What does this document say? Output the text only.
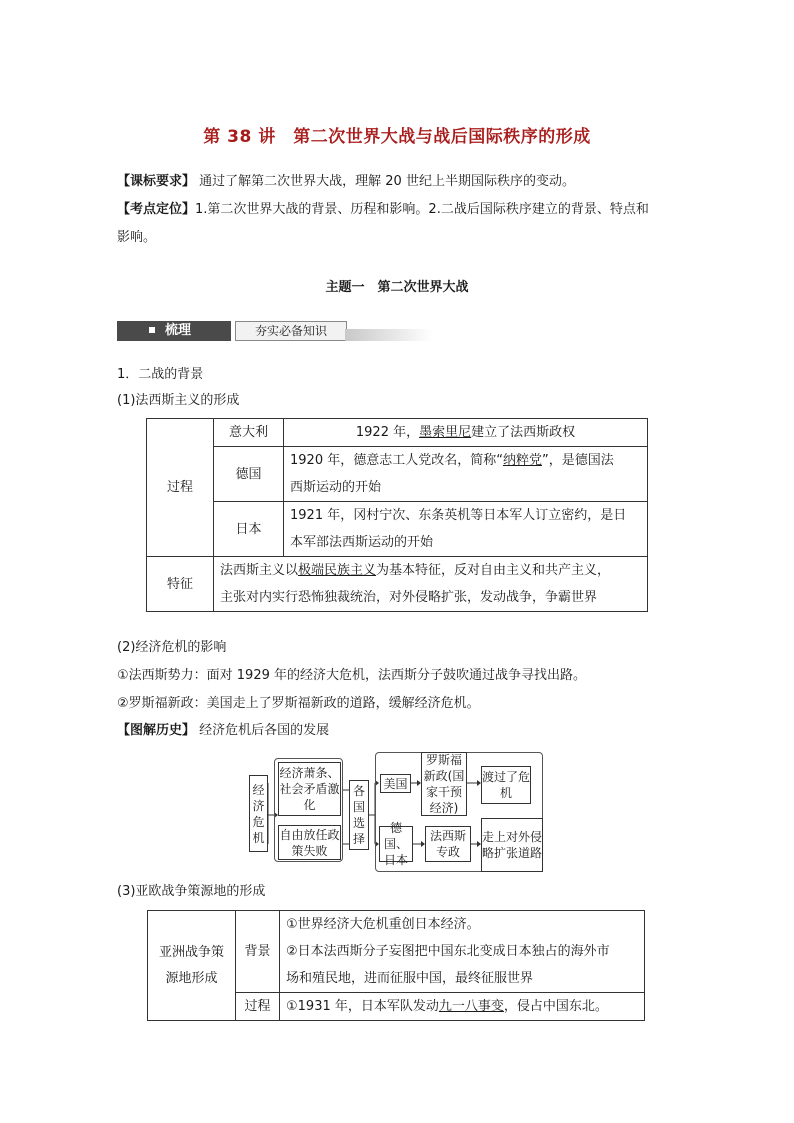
第 38 讲　第二次世界大战与战后国际秩序的形成
【课标要求】 通过了解第二次世界大战，理解 20 世纪上半期国际秩序的变动。
【考点定位】1.第二次世界大战的背景、历程和影响。2.二战后国际秩序建立的背景、特点和
影响。
主题一　第二次世界大战
梳理	夯实必备知识
1．二战的背景
(1)法西斯主义的形成
过程	意大利	1922 年，墨索里尼建立了法西斯政权
	德国	1920 年，德意志工人党改名，简称“纳粹党”，是德国法
西斯运动的开始
	日本	1921 年，冈村宁次、东条英机等日本军人订立密约，是日
本军部法西斯运动的开始
特征	法西斯主义以极端民族主义为基本特征，反对自由主义和共产主义，
主张对内实行恐怖独裁统治，对外侵略扩张，发动战争，争霸世界	
(2)经济危机的影响
①法西斯势力：面对 1929 年的经济大危机，法西斯分子鼓吹通过战争寻找出路。
②罗斯福新政：美国走上了罗斯福新政的道路，缓解经济危机。
【图解历史】 经济危机后各国的发展
经济危机
经济萧条、社会矛盾激化
自由放任政策失败
各国选择
美国
罗斯福新政(国家干预经济)
渡过了危机
德国、日本
法西斯专政
走上对外侵略扩张道路
(3)亚欧战争策源地的形成
亚洲战争策源地形成	背景	①世界经济大危机重创日本经济。
②日本法西斯分子妄图把中国东北变成日本独占的海外市
场和殖民地，进而征服中国，最终征服世界
	过程	①1931 年，日本军队发动九一八事变，侵占中国东北。
